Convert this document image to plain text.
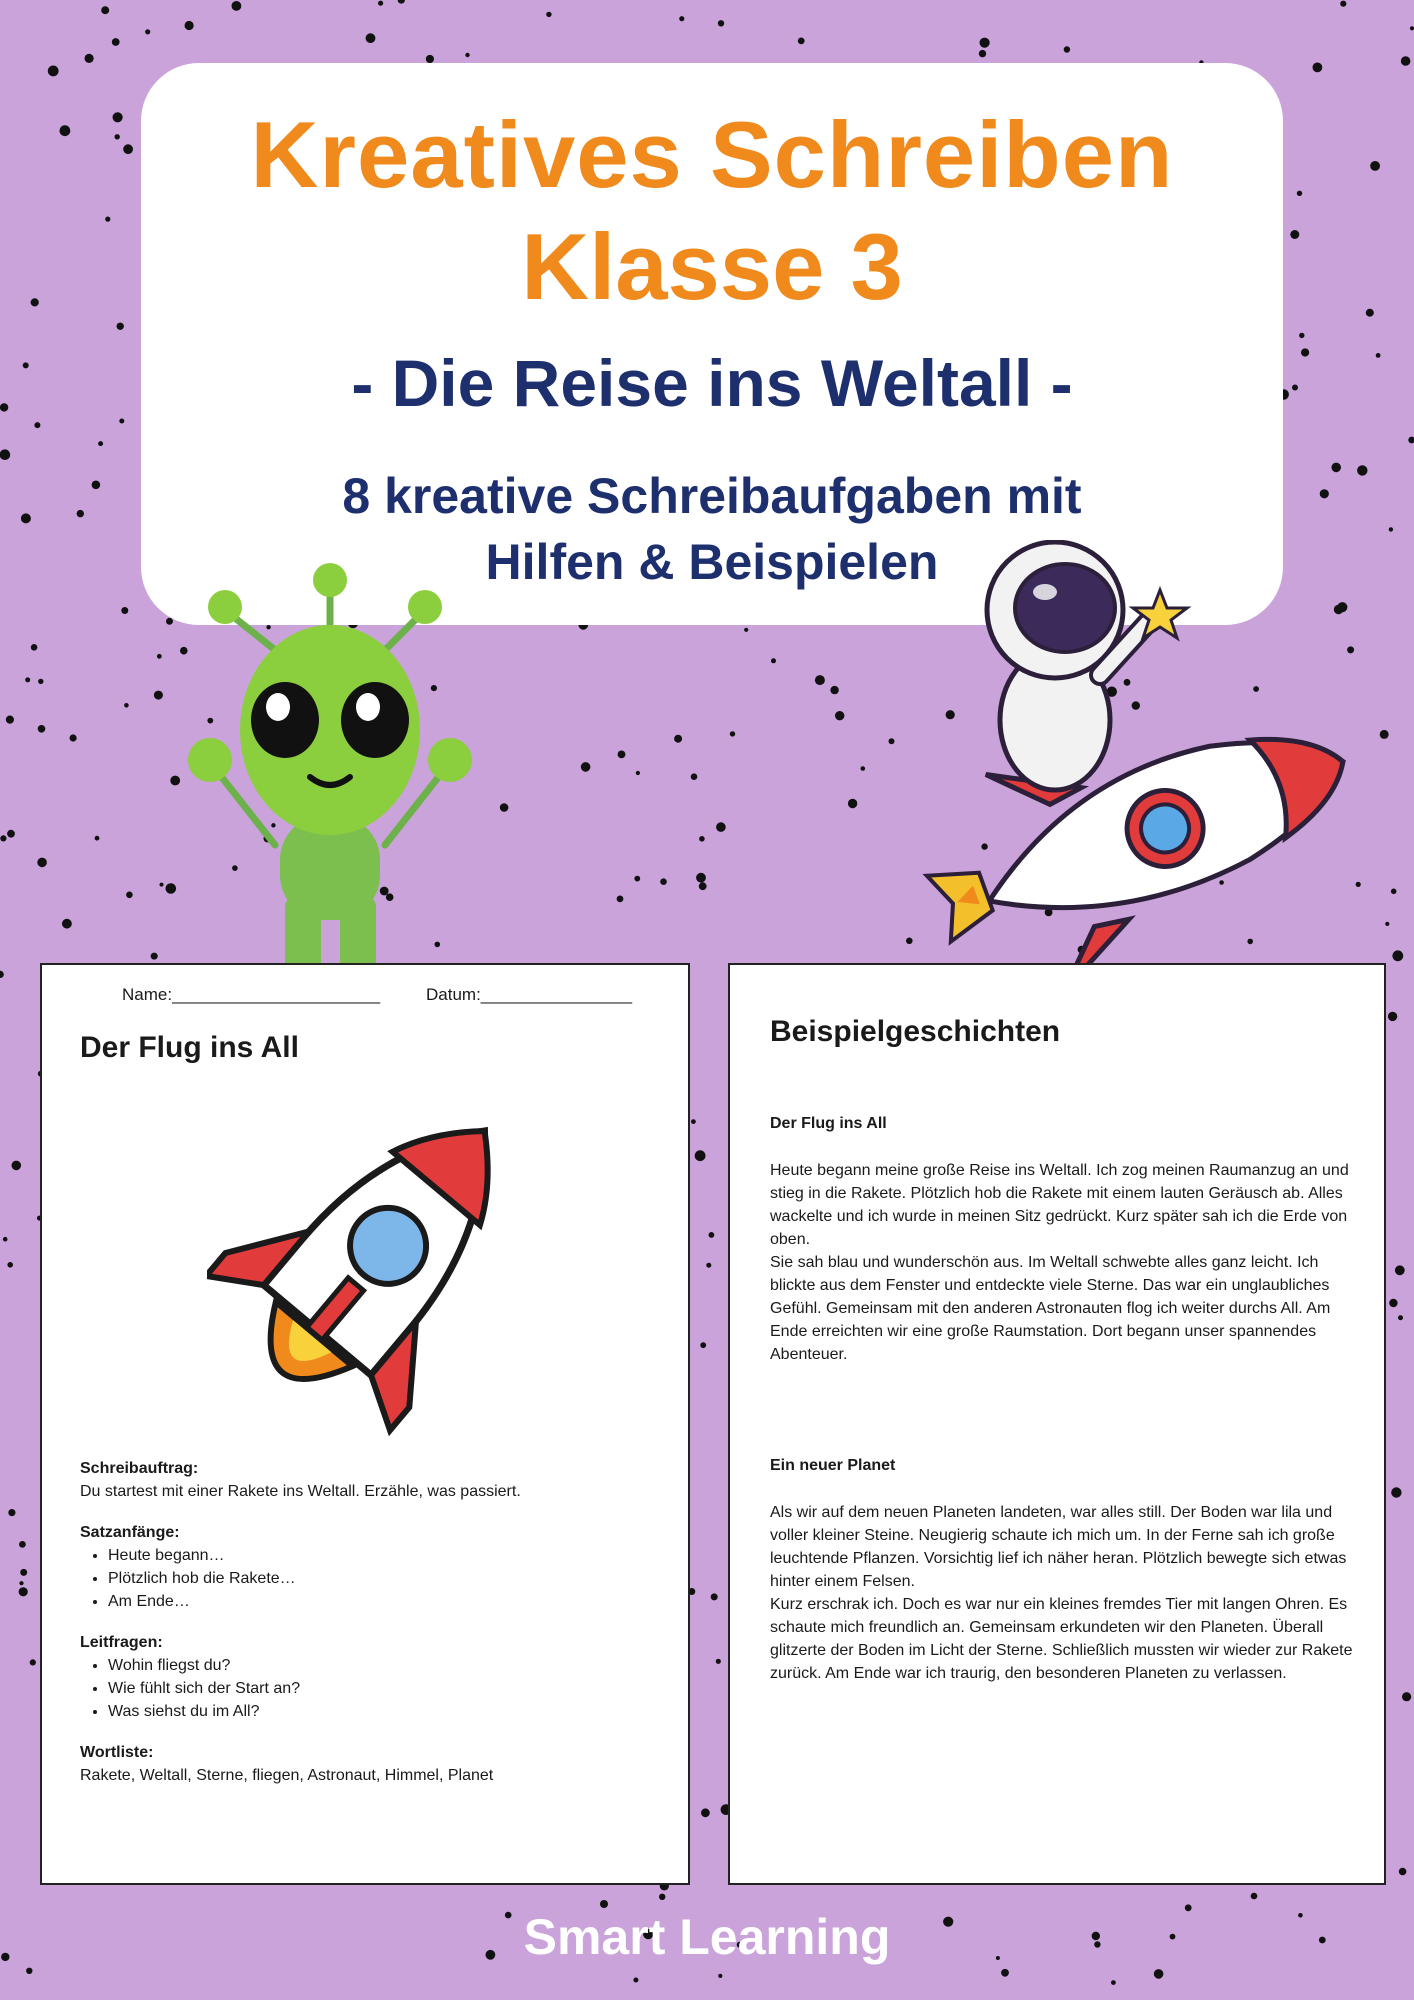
Kreatives Schreiben
Klasse 3
- Die Reise ins Weltall -
8 kreative Schreibaufgaben mit
Hilfen & Beispielen
Name:______________________	Datum:________________
Der Flug ins All
Schreibauftrag:

Du startest mit einer Rakete ins Weltall. Erzähle, was passiert.

Satzanfänge:
• Heute begann…
• Plötzlich hob die Rakete…
• Am Ende…
Leitfragen:
• Wohin fliegst du?
• Wie fühlt sich der Start an?
• Was siehst du im All?
Wortliste:

Rakete, Weltall, Sterne, fliegen, Astronaut, Himmel, Planet

Beispielgeschichten
Der Flug ins All

Heute begann meine große Reise ins Weltall. Ich zog meinen Raumanzug an und stieg in die Rakete. Plötzlich hob die Rakete mit einem lauten Geräusch ab. Alles wackelte und ich wurde in meinen Sitz gedrückt. Kurz später sah ich die Erde von oben.

Sie sah blau und wunderschön aus. Im Weltall schwebte alles ganz leicht. Ich blickte aus dem Fenster und entdeckte viele Sterne. Das war ein unglaubliches Gefühl. Gemeinsam mit den anderen Astronauten flog ich weiter durchs All. Am Ende erreichten wir eine große Raumstation. Dort begann unser spannendes Abenteuer.

Ein neuer Planet

Als wir auf dem neuen Planeten landeten, war alles still. Der Boden war lila und voller kleiner Steine. Neugierig schaute ich mich um. In der Ferne sah ich große leuchtende Pflanzen. Vorsichtig lief ich näher heran. Plötzlich bewegte sich etwas hinter einem Felsen.

Kurz erschrak ich. Doch es war nur ein kleines fremdes Tier mit langen Ohren. Es schaute mich freundlich an. Gemeinsam erkundeten wir den Planeten. Überall glitzerte der Boden im Licht der Sterne. Schließlich mussten wir wieder zur Rakete zurück. Am Ende war ich traurig, den besonderen Planeten zu verlassen.

Smart Learning
